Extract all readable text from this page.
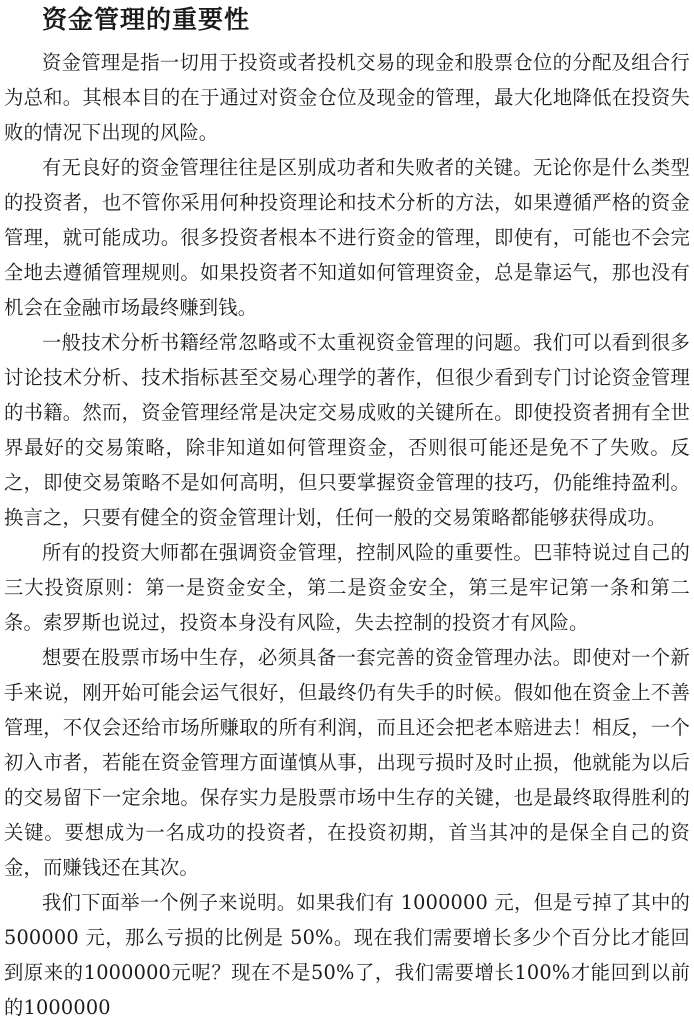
资金管理的重要性

资金管理是指一切用于投资或者投机交易的现金和股票仓位的分配及组合行为总和。其根本目的在于通过对资金仓位及现金的管理，最大化地降低在投资失败的情况下出现的风险。

有无良好的资金管理往往是区别成功者和失败者的关键。无论你是什么类型的投资者，也不管你采用何种投资理论和技术分析的方法，如果遵循严格的资金管理，就可能成功。很多投资者根本不进行资金的管理，即使有，可能也不会完全地去遵循管理规则。如果投资者不知道如何管理资金，总是靠运气，那也没有机会在金融市场最终赚到钱。

一般技术分析书籍经常忽略或不太重视资金管理的问题。我们可以看到很多讨论技术分析、技术指标甚至交易心理学的著作，但很少看到专门讨论资金管理的书籍。然而，资金管理经常是决定交易成败的关键所在。即使投资者拥有全世界最好的交易策略，除非知道如何管理资金，否则很可能还是免不了失败。反之，即使交易策略不是如何高明，但只要掌握资金管理的技巧，仍能维持盈利。换言之，只要有健全的资金管理计划，任何一般的交易策略都能够获得成功。

所有的投资大师都在强调资金管理，控制风险的重要性。巴菲特说过自己的三大投资原则：第一是资金安全，第二是资金安全，第三是牢记第一条和第二条。索罗斯也说过，投资本身没有风险，失去控制的投资才有风险。

想要在股票市场中生存，必须具备一套完善的资金管理办法。即使对一个新手来说，刚开始可能会运气很好，但最终仍有失手的时候。假如他在资金上不善管理，不仅会还给市场所赚取的所有利润，而且还会把老本赔进去！相反，一个初入市者，若能在资金管理方面谨慎从事，出现亏损时及时止损，他就能为以后的交易留下一定余地。保存实力是股票市场中生存的关键，也是最终取得胜利的关键。要想成为一名成功的投资者，在投资初期，首当其冲的是保全自己的资金，而赚钱还在其次。

我们下面举一个例子来说明。如果我们有 1000000 元，但是亏掉了其中的 500000 元，那么亏损的比例是 50%。现在我们需要增长多少个百分比才能回到原来的1000000元呢？现在不是50%了，我们需要增长100%才能回到以前的1000000
